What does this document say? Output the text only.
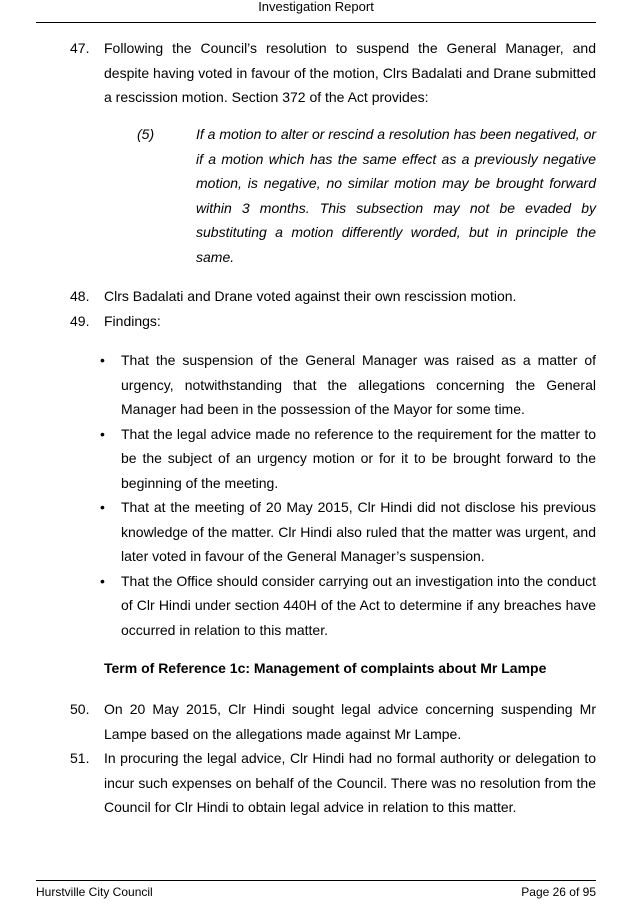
Investigation Report
47. Following the Council’s resolution to suspend the General Manager, and despite having voted in favour of the motion, Clrs Badalati and Drane submitted a rescission motion. Section 372 of the Act provides:
(5)	If a motion to alter or rescind a resolution has been negatived, or if a motion which has the same effect as a previously negative motion, is negative, no similar motion may be brought forward within 3 months. This subsection may not be evaded by substituting a motion differently worded, but in principle the same.
48. Clrs Badalati and Drane voted against their own rescission motion.
49. Findings:
• That the suspension of the General Manager was raised as a matter of urgency, notwithstanding that the allegations concerning the General Manager had been in the possession of the Mayor for some time.
• That the legal advice made no reference to the requirement for the matter to be the subject of an urgency motion or for it to be brought forward to the beginning of the meeting.
• That at the meeting of 20 May 2015, Clr Hindi did not disclose his previous knowledge of the matter. Clr Hindi also ruled that the matter was urgent, and later voted in favour of the General Manager’s suspension.
• That the Office should consider carrying out an investigation into the conduct of Clr Hindi under section 440H of the Act to determine if any breaches have occurred in relation to this matter.
Term of Reference 1c: Management of complaints about Mr Lampe
50. On 20 May 2015, Clr Hindi sought legal advice concerning suspending Mr Lampe based on the allegations made against Mr Lampe.
51. In procuring the legal advice, Clr Hindi had no formal authority or delegation to incur such expenses on behalf of the Council. There was no resolution from the Council for Clr Hindi to obtain legal advice in relation to this matter.
Hurstville City Council	Page 26 of 95
